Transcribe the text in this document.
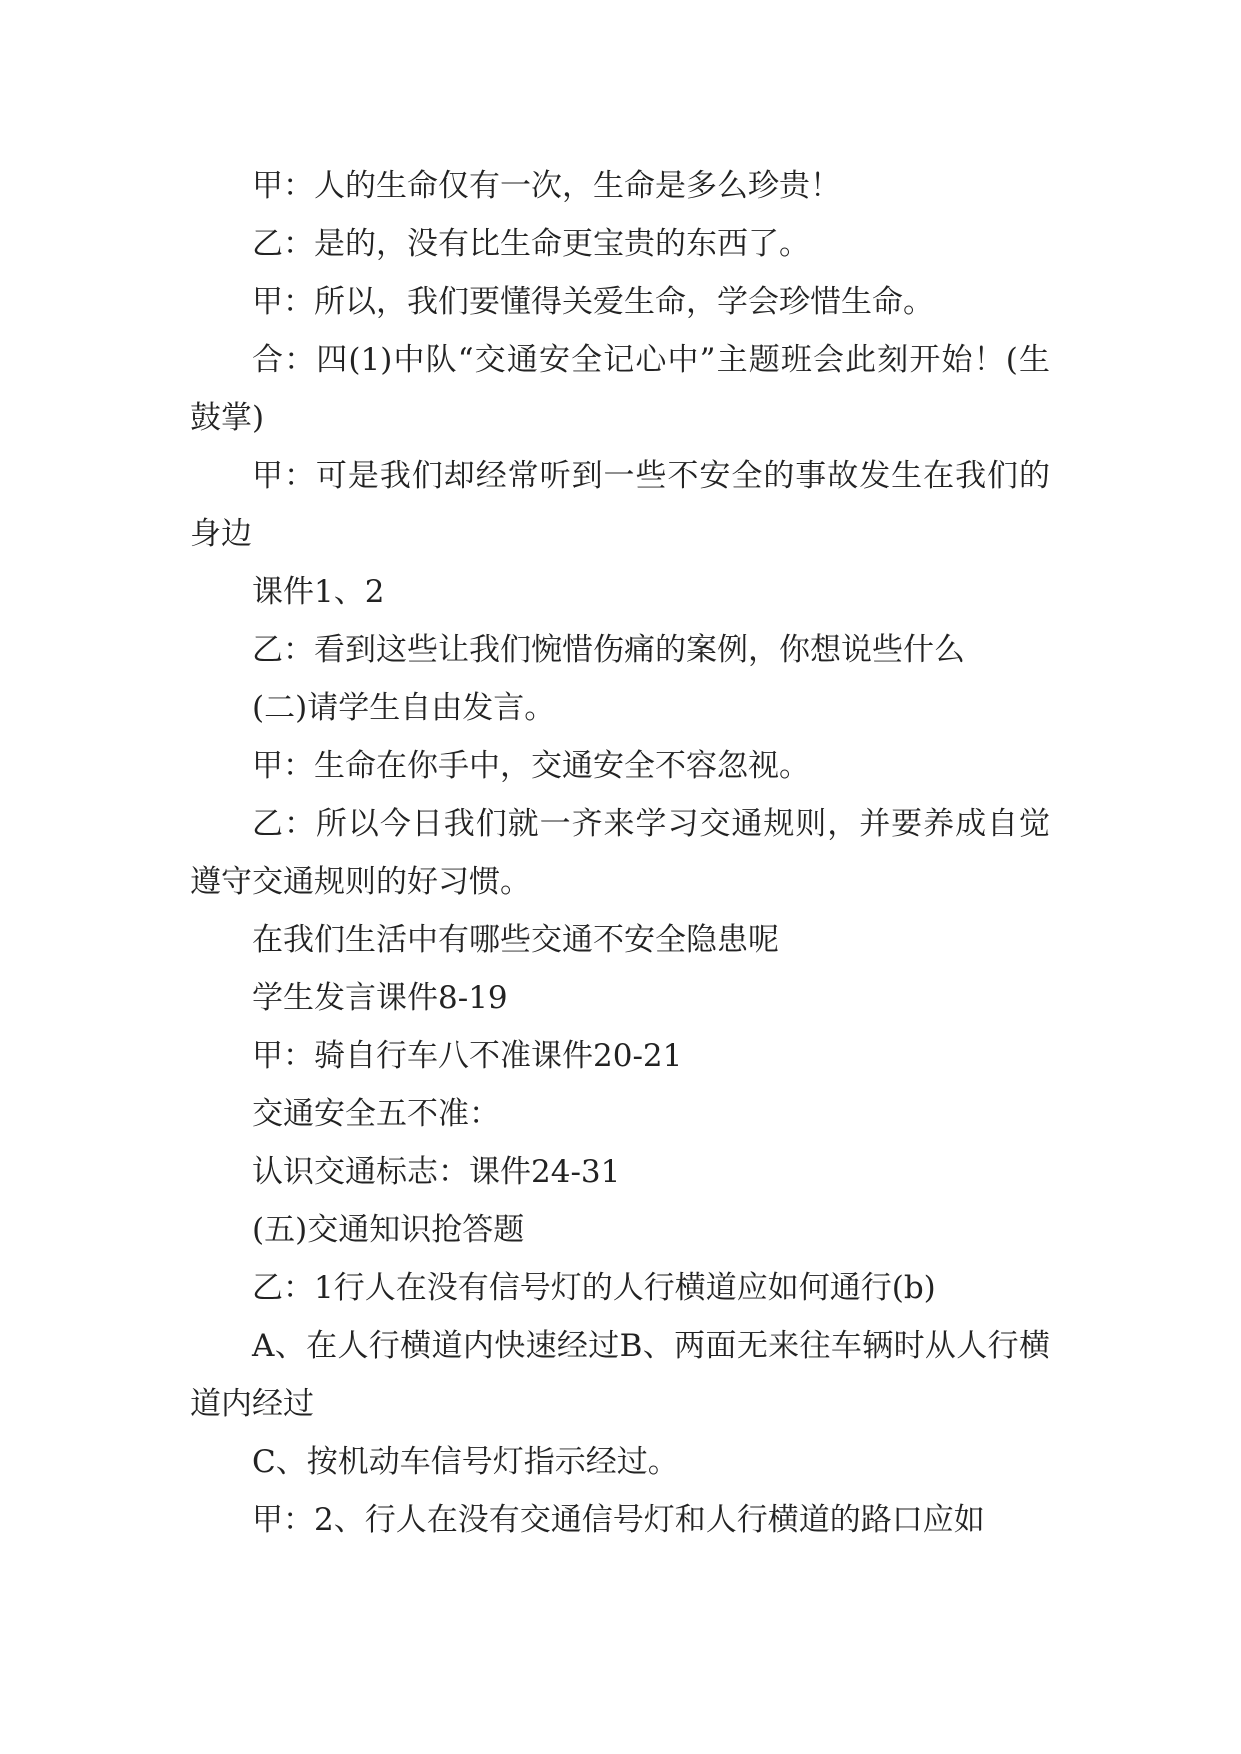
甲：人的生命仅有一次，生命是多么珍贵！

乙：是的，没有比生命更宝贵的东西了。

甲：所以，我们要懂得关爱生命，学会珍惜生命。

合：四(1)中队“交通安全记心中”主题班会此刻开始！(生鼓掌)

甲：可是我们却经常听到一些不安全的事故发生在我们的身边

课件1、2

乙：看到这些让我们惋惜伤痛的案例，你想说些什么

(二)请学生自由发言。

甲：生命在你手中，交通安全不容忽视。

乙：所以今日我们就一齐来学习交通规则，并要养成自觉遵守交通规则的好习惯。

在我们生活中有哪些交通不安全隐患呢

学生发言课件8-19

甲：骑自行车八不准课件20-21

交通安全五不准：

认识交通标志：课件24-31

(五)交通知识抢答题

乙：1行人在没有信号灯的人行横道应如何通行(b)

A、在人行横道内快速经过B、两面无来往车辆时从人行横道内经过

C、按机动车信号灯指示经过。

甲：2、行人在没有交通信号灯和人行横道的路口应如
